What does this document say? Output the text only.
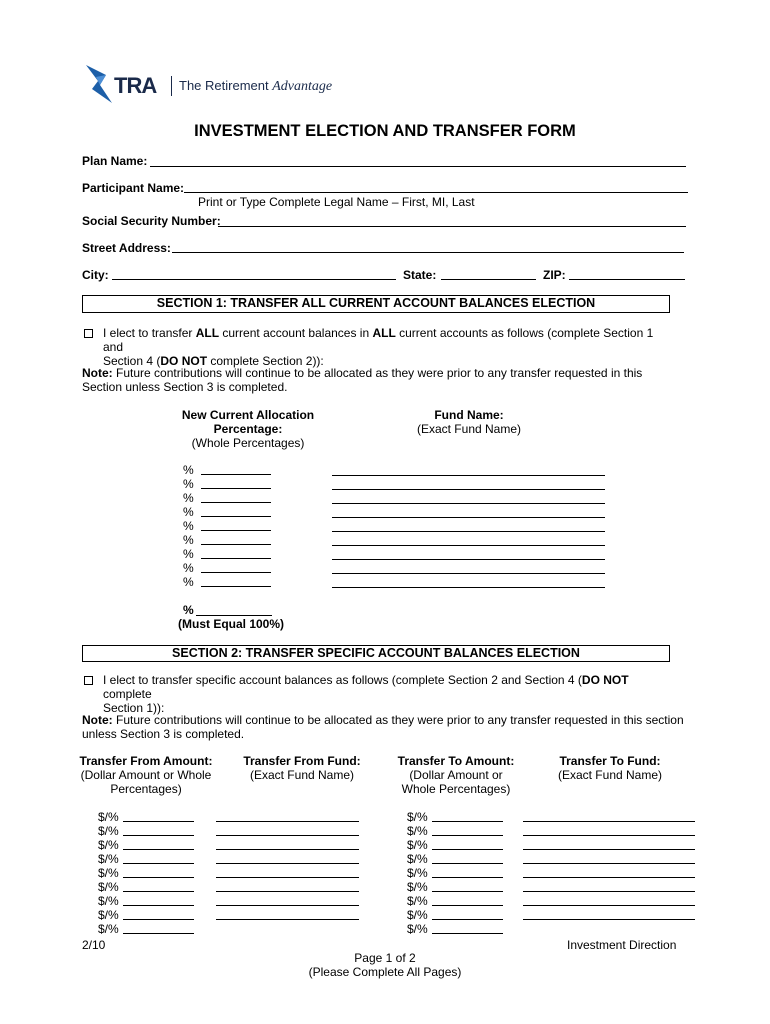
TRA The Retirement Advantage
INVESTMENT ELECTION AND TRANSFER FORM
Plan Name:
Participant Name:
Print or Type Complete Legal Name – First, MI, Last
Social Security Number:
Street Address:
City:	State:	ZIP:
SECTION 1: TRANSFER ALL CURRENT ACCOUNT BALANCES ELECTION
I elect to transfer ALL current account balances in ALL current accounts as follows (complete Section 1 and
Section 4 (DO NOT complete Section 2)):
Note: Future contributions will continue to be allocated as they were prior to any transfer requested in this Section unless Section 3 is completed.
New Current Allocation
Percentage:
(Whole Percentages)
Fund Name:
(Exact Fund Name)
%
%
%
%
%
%
%
%
%
%
(Must Equal 100%)
SECTION 2: TRANSFER SPECIFIC ACCOUNT BALANCES ELECTION
I elect to transfer specific account balances as follows (complete Section 2 and Section 4 (DO NOT complete
Section 1)):
Note: Future contributions will continue to be allocated as they were prior to any transfer requested in this section unless Section 3 is completed.
Transfer From Amount:
(Dollar Amount or Whole
Percentages)
Transfer From Fund:
(Exact Fund Name)
Transfer To Amount:
(Dollar Amount or
Whole Percentages)
Transfer To Fund:
(Exact Fund Name)
$/%	$/%
$/%	$/%
$/%	$/%
$/%	$/%
$/%	$/%
$/%	$/%
$/%	$/%
$/%	$/%
$/%	$/%
2/10	Investment Direction
Page 1 of 2
(Please Complete All Pages)
